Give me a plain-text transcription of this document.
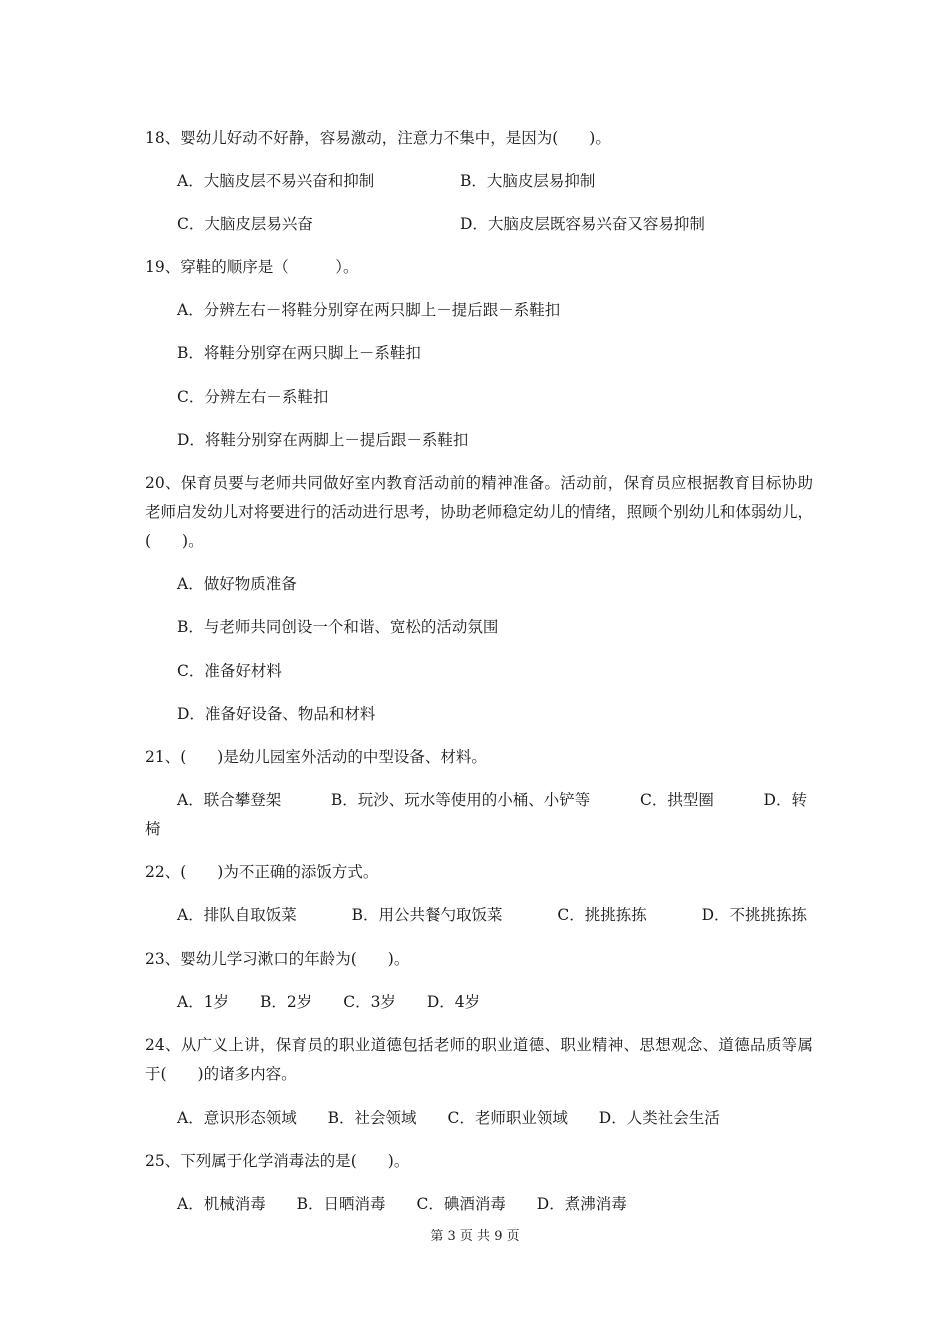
18、婴幼儿好动不好静，容易激动，注意力不集中，是因为(　　)。
A．大脑皮层不易兴奋和抑制	B．大脑皮层易抑制
C．大脑皮层易兴奋	D．大脑皮层既容易兴奋又容易抑制
19、穿鞋的顺序是（　　　）。
A．分辨左右－将鞋分别穿在两只脚上－提后跟－系鞋扣
B．将鞋分别穿在两只脚上－系鞋扣
C．分辨左右－系鞋扣
D．将鞋分别穿在两脚上－提后跟－系鞋扣
20、保育员要与老师共同做好室内教育活动前的精神准备。活动前，保育员应根据教育目标协助老师启发幼儿对将要进行的活动进行思考，协助老师稳定幼儿的情绪，照顾个别幼儿和体弱幼儿，(　　)。
A．做好物质准备
B．与老师共同创设一个和谐、宽松的活动氛围
C．准备好材料
D．准备好设备、物品和材料
21、(　　)是幼儿园室外活动的中型设备、材料。
A．联合攀登架	B．玩沙、玩水等使用的小桶、小铲等	C．拱型圈	D．转
椅
22、(　　)为不正确的添饭方式。
A．排队自取饭菜	B．用公共餐勺取饭菜	C．挑挑拣拣	D．不挑挑拣拣
23、婴幼儿学习漱口的年龄为(　　)。
A．1岁 B．2岁 C．3岁 D．4岁
24、从广义上讲，保育员的职业道德包括老师的职业道德、职业精神、思想观念、道德品质等属于(　　)的诸多内容。
A．意识形态领域 B．社会领域 C．老师职业领域 D．人类社会生活
25、下列属于化学消毒法的是(　　)。
A．机械消毒 B．日晒消毒 C．碘酒消毒 D．煮沸消毒
第 3 页 共 9 页
